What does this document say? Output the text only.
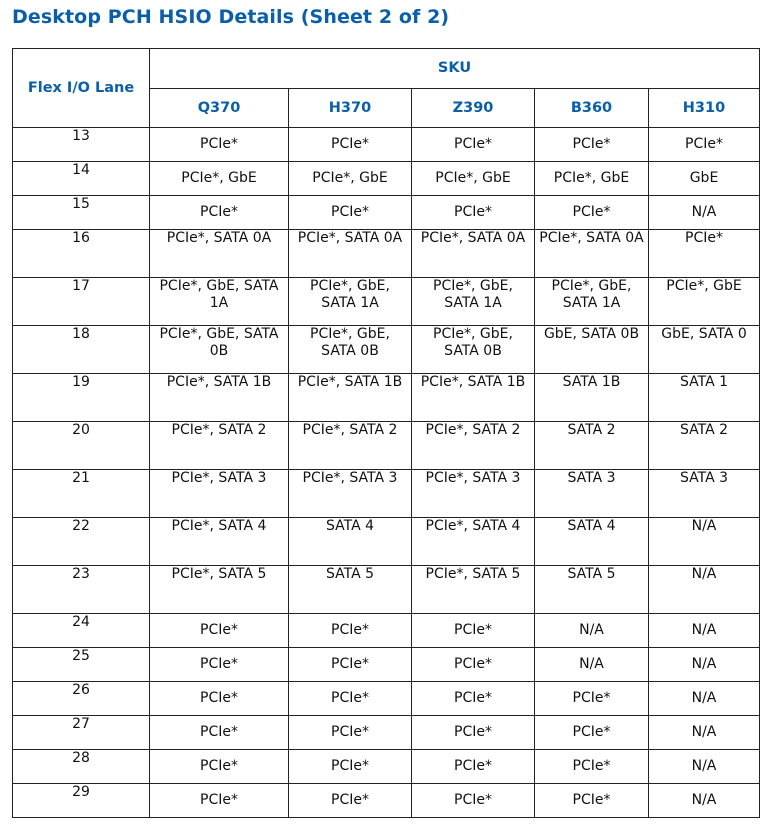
Desktop PCH HSIO Details (Sheet 2 of 2)
Flex I/O Lane	SKU				
	Q370	H370	Z390	B360	H310
13	PCIe*	PCIe*	PCIe*	PCIe*	PCIe*
14	PCIe*, GbE	PCIe*, GbE	PCIe*, GbE	PCIe*, GbE	GbE
15	PCIe*	PCIe*	PCIe*	PCIe*	N/A
16	PCIe*, SATA 0A	PCIe*, SATA 0A	PCIe*, SATA 0A	PCIe*, SATA 0A	PCIe*
17	PCIe*, GbE, SATA 1A	PCIe*, GbE, SATA 1A	PCIe*, GbE, SATA 1A	PCIe*, GbE, SATA 1A	PCIe*, GbE
18	PCIe*, GbE, SATA 0B	PCIe*, GbE, SATA 0B	PCIe*, GbE, SATA 0B	GbE, SATA 0B	GbE, SATA 0
19	PCIe*, SATA 1B	PCIe*, SATA 1B	PCIe*, SATA 1B	SATA 1B	SATA 1
20	PCIe*, SATA 2	PCIe*, SATA 2	PCIe*, SATA 2	SATA 2	SATA 2
21	PCIe*, SATA 3	PCIe*, SATA 3	PCIe*, SATA 3	SATA 3	SATA 3
22	PCIe*, SATA 4	SATA 4	PCIe*, SATA 4	SATA 4	N/A
23	PCIe*, SATA 5	SATA 5	PCIe*, SATA 5	SATA 5	N/A
24	PCIe*	PCIe*	PCIe*	N/A	N/A
25	PCIe*	PCIe*	PCIe*	N/A	N/A
26	PCIe*	PCIe*	PCIe*	PCIe*	N/A
27	PCIe*	PCIe*	PCIe*	PCIe*	N/A
28	PCIe*	PCIe*	PCIe*	PCIe*	N/A
29	PCIe*	PCIe*	PCIe*	PCIe*	N/A
